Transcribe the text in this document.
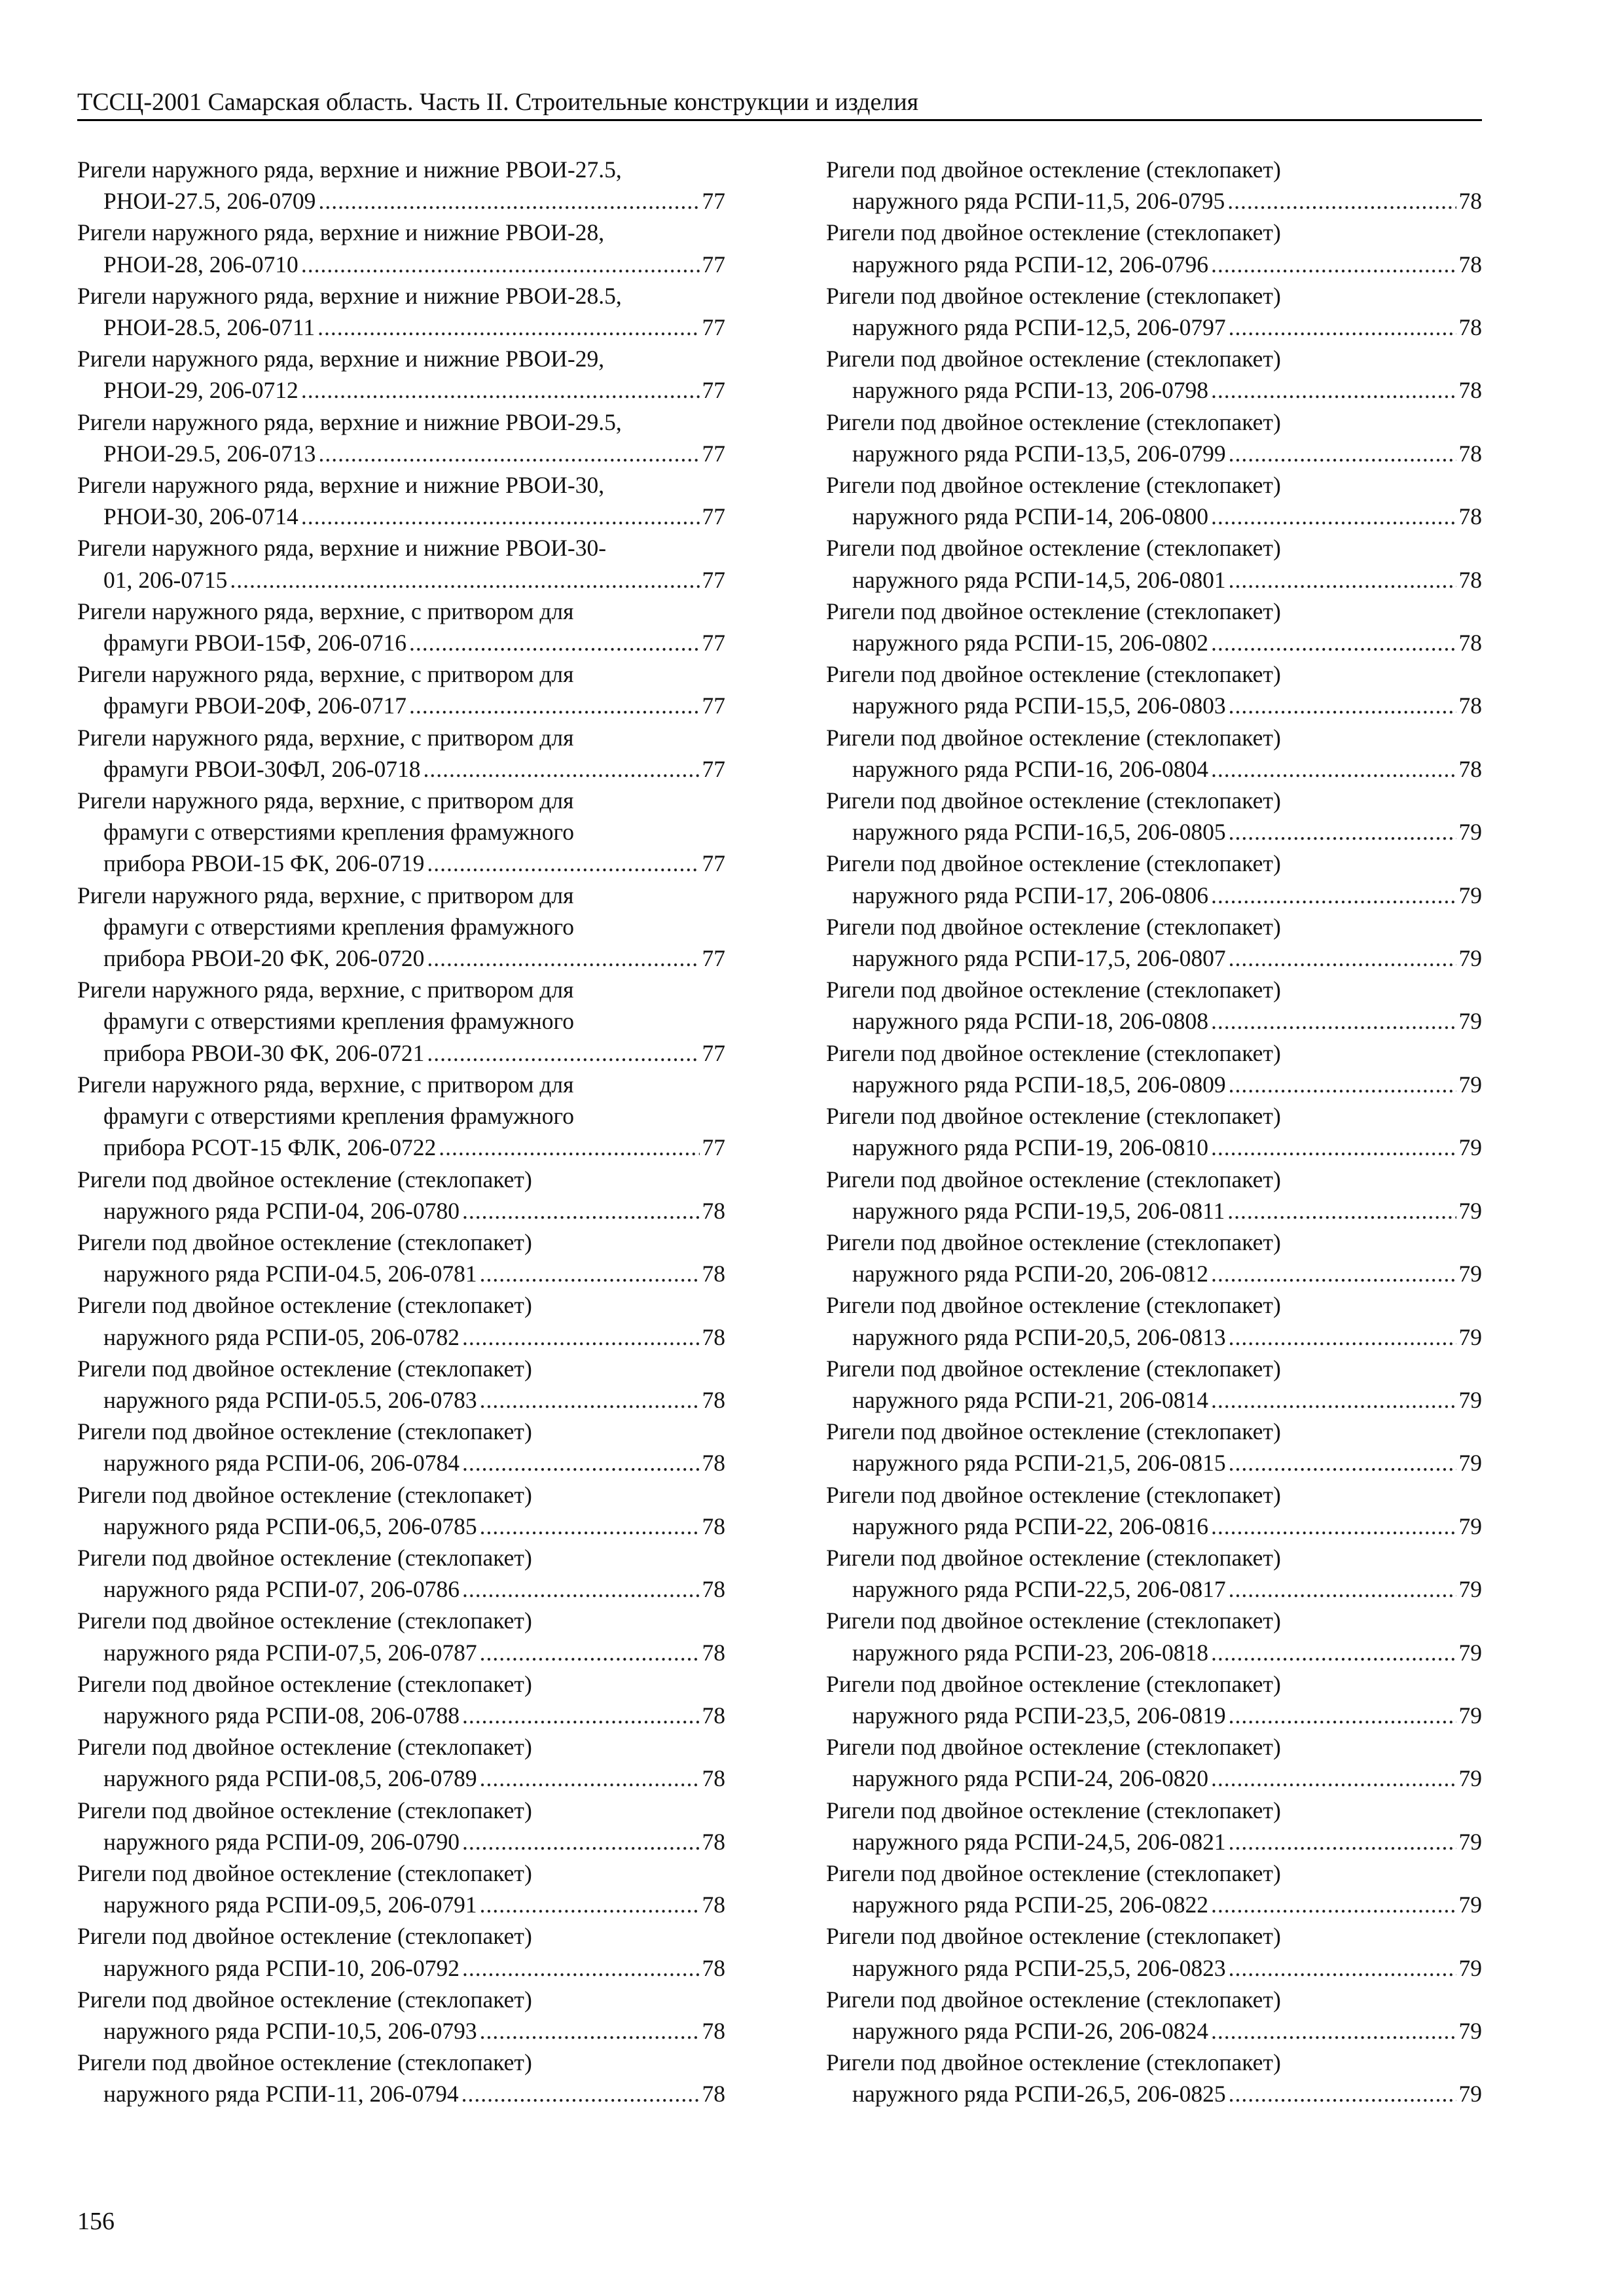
ТССЦ-2001 Самарская область. Часть II. Строительные конструкции и изделия
Ригели наружного ряда, верхние и нижние РВОИ-27.5,
РНОИ-27.5, 206-0709 .....	77
Ригели наружного ряда, верхние и нижние РВОИ-28,
РНОИ-28, 206-0710 .....	77
Ригели наружного ряда, верхние и нижние РВОИ-28.5,
РНОИ-28.5, 206-0711 .....	77
Ригели наружного ряда, верхние и нижние РВОИ-29,
РНОИ-29, 206-0712 .....	77
Ригели наружного ряда, верхние и нижние РВОИ-29.5,
РНОИ-29.5, 206-0713 .....	77
Ригели наружного ряда, верхние и нижние РВОИ-30,
РНОИ-30, 206-0714 .....	77
Ригели наружного ряда, верхние и нижние РВОИ-30-
01, 206-0715 .....	77
Ригели наружного ряда, верхние, с притвором для
фрамуги РВОИ-15Ф, 206-0716 .....	77
Ригели наружного ряда, верхние, с притвором для
фрамуги РВОИ-20Ф, 206-0717 .....	77
Ригели наружного ряда, верхние, с притвором для
фрамуги РВОИ-30ФЛ, 206-0718 .....	77
Ригели наружного ряда, верхние, с притвором для
фрамуги с отверстиями крепления фрамужного
прибора РВОИ-15 ФК, 206-0719 .....	77
Ригели наружного ряда, верхние, с притвором для
фрамуги с отверстиями крепления фрамужного
прибора РВОИ-20 ФК, 206-0720 .....	77
Ригели наружного ряда, верхние, с притвором для
фрамуги с отверстиями крепления фрамужного
прибора РВОИ-30 ФК, 206-0721 .....	77
Ригели наружного ряда, верхние, с притвором для
фрамуги с отверстиями крепления фрамужного
прибора РСОТ-15 ФЛК, 206-0722 .....	77
Ригели под двойное остекление (стеклопакет)
наружного ряда РСПИ-04, 206-0780 .....	78
Ригели под двойное остекление (стеклопакет)
наружного ряда РСПИ-04.5, 206-0781 .....	78
Ригели под двойное остекление (стеклопакет)
наружного ряда РСПИ-05, 206-0782 .....	78
Ригели под двойное остекление (стеклопакет)
наружного ряда РСПИ-05.5, 206-0783 .....	78
Ригели под двойное остекление (стеклопакет)
наружного ряда РСПИ-06, 206-0784 .....	78
Ригели под двойное остекление (стеклопакет)
наружного ряда РСПИ-06,5, 206-0785 .....	78
Ригели под двойное остекление (стеклопакет)
наружного ряда РСПИ-07, 206-0786 .....	78
Ригели под двойное остекление (стеклопакет)
наружного ряда РСПИ-07,5, 206-0787 .....	78
Ригели под двойное остекление (стеклопакет)
наружного ряда РСПИ-08, 206-0788 .....	78
Ригели под двойное остекление (стеклопакет)
наружного ряда РСПИ-08,5, 206-0789 .....	78
Ригели под двойное остекление (стеклопакет)
наружного ряда РСПИ-09, 206-0790 .....	78
Ригели под двойное остекление (стеклопакет)
наружного ряда РСПИ-09,5, 206-0791 .....	78
Ригели под двойное остекление (стеклопакет)
наружного ряда РСПИ-10, 206-0792 .....	78
Ригели под двойное остекление (стеклопакет)
наружного ряда РСПИ-10,5, 206-0793 .....	78
Ригели под двойное остекление (стеклопакет)
наружного ряда РСПИ-11, 206-0794 .....	78
Ригели под двойное остекление (стеклопакет)
наружного ряда РСПИ-11,5, 206-0795 .....	78
Ригели под двойное остекление (стеклопакет)
наружного ряда РСПИ-12, 206-0796 .....	78
Ригели под двойное остекление (стеклопакет)
наружного ряда РСПИ-12,5, 206-0797 .....	78
Ригели под двойное остекление (стеклопакет)
наружного ряда РСПИ-13, 206-0798 .....	78
Ригели под двойное остекление (стеклопакет)
наружного ряда РСПИ-13,5, 206-0799 .....	78
Ригели под двойное остекление (стеклопакет)
наружного ряда РСПИ-14, 206-0800 .....	78
Ригели под двойное остекление (стеклопакет)
наружного ряда РСПИ-14,5, 206-0801 .....	78
Ригели под двойное остекление (стеклопакет)
наружного ряда РСПИ-15, 206-0802 .....	78
Ригели под двойное остекление (стеклопакет)
наружного ряда РСПИ-15,5, 206-0803 .....	78
Ригели под двойное остекление (стеклопакет)
наружного ряда РСПИ-16, 206-0804 .....	78
Ригели под двойное остекление (стеклопакет)
наружного ряда РСПИ-16,5, 206-0805 .....	79
Ригели под двойное остекление (стеклопакет)
наружного ряда РСПИ-17, 206-0806 .....	79
Ригели под двойное остекление (стеклопакет)
наружного ряда РСПИ-17,5, 206-0807 .....	79
Ригели под двойное остекление (стеклопакет)
наружного ряда РСПИ-18, 206-0808 .....	79
Ригели под двойное остекление (стеклопакет)
наружного ряда РСПИ-18,5, 206-0809 .....	79
Ригели под двойное остекление (стеклопакет)
наружного ряда РСПИ-19, 206-0810 .....	79
Ригели под двойное остекление (стеклопакет)
наружного ряда РСПИ-19,5, 206-0811 .....	79
Ригели под двойное остекление (стеклопакет)
наружного ряда РСПИ-20, 206-0812 .....	79
Ригели под двойное остекление (стеклопакет)
наружного ряда РСПИ-20,5, 206-0813 .....	79
Ригели под двойное остекление (стеклопакет)
наружного ряда РСПИ-21, 206-0814 .....	79
Ригели под двойное остекление (стеклопакет)
наружного ряда РСПИ-21,5, 206-0815 .....	79
Ригели под двойное остекление (стеклопакет)
наружного ряда РСПИ-22, 206-0816 .....	79
Ригели под двойное остекление (стеклопакет)
наружного ряда РСПИ-22,5, 206-0817 .....	79
Ригели под двойное остекление (стеклопакет)
наружного ряда РСПИ-23, 206-0818 .....	79
Ригели под двойное остекление (стеклопакет)
наружного ряда РСПИ-23,5, 206-0819 .....	79
Ригели под двойное остекление (стеклопакет)
наружного ряда РСПИ-24, 206-0820 .....	79
Ригели под двойное остекление (стеклопакет)
наружного ряда РСПИ-24,5, 206-0821 .....	79
Ригели под двойное остекление (стеклопакет)
наружного ряда РСПИ-25, 206-0822 .....	79
Ригели под двойное остекление (стеклопакет)
наружного ряда РСПИ-25,5, 206-0823 .....	79
Ригели под двойное остекление (стеклопакет)
наружного ряда РСПИ-26, 206-0824 .....	79
Ригели под двойное остекление (стеклопакет)
наружного ряда РСПИ-26,5, 206-0825 .....	79
156
